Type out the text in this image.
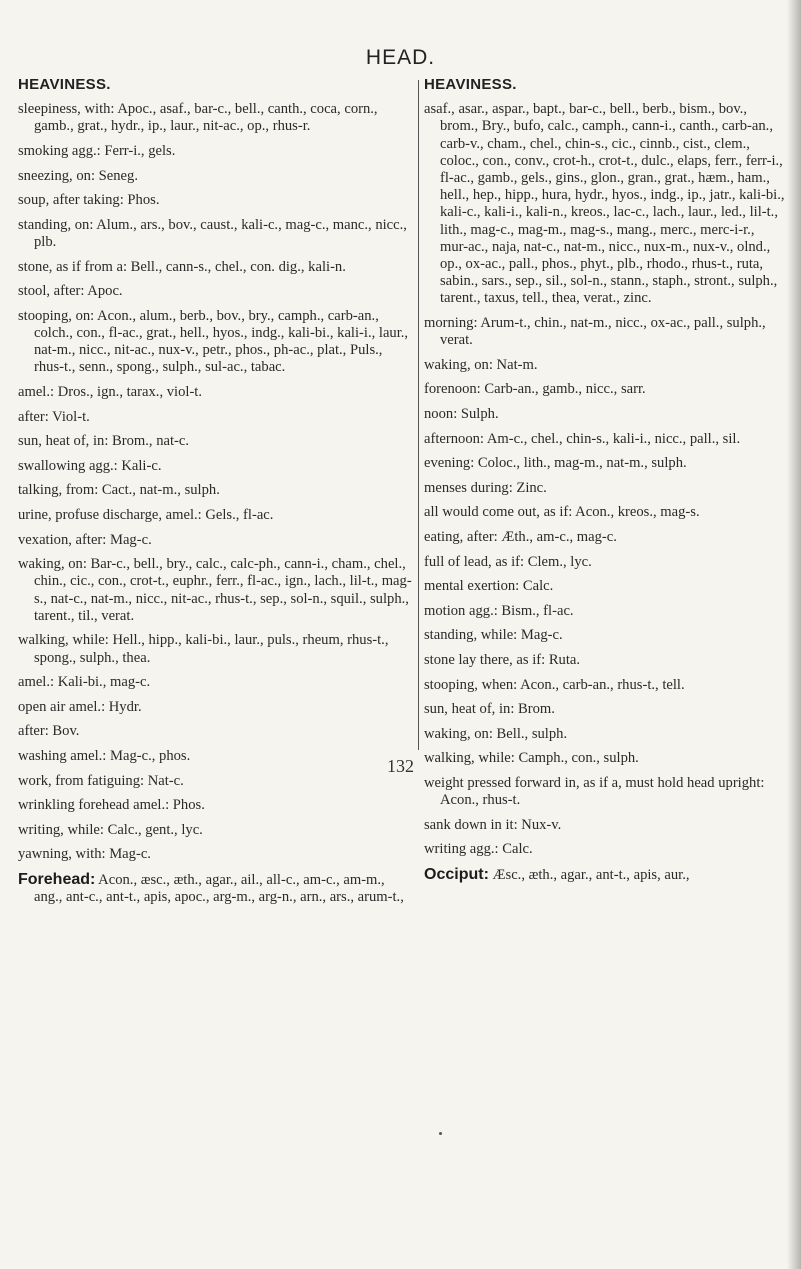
HEAD.
HEAVINESS.
sleepiness, with: Apoc., asaf., bar-c., bell., canth., coca, corn., gamb., grat., hydr., ip., laur., nit-ac., op., rhus-r.
smoking agg.: Ferr-i., gels.
sneezing, on: Seneg.
soup, after taking: Phos.
standing, on: Alum., ars., bov., caust., kali-c., mag-c., manc., nicc., plb.
stone, as if from a: Bell., cann-s., chel., con. dig., kali-n.
stool, after: Apoc.
stooping, on: Acon., alum., berb., bov., bry., camph., carb-an., colch., con., fl-ac., grat., hell., hyos., indg., kali-bi., kali-i., laur., nat-m., nicc., nit-ac., nux-v., petr., phos., ph-ac., plat., Puls., rhus-t., senn., spong., sulph., sul-ac., tabac.
amel.: Dros., ign., tarax., viol-t.
after: Viol-t.
sun, heat of, in: Brom., nat-c.
swallowing agg.: Kali-c.
talking, from: Cact., nat-m., sulph.
urine, profuse discharge, amel.: Gels., fl-ac.
vexation, after: Mag-c.
waking, on: Bar-c., bell., bry., calc., calc-ph., cann-i., cham., chel., chin., cic., con., crot-t., euphr., ferr., fl-ac., ign., lach., lil-t., mag-s., nat-c., nat-m., nicc., nit-ac., rhus-t., sep., sol-n., squil., sulph., tarent., til., verat.
walking, while: Hell., hipp., kali-bi., laur., puls., rheum, rhus-t., spong., sulph., thea.
amel.: Kali-bi., mag-c.
open air amel.: Hydr.
after: Bov.
washing amel.: Mag-c., phos.
work, from fatiguing: Nat-c.
wrinkling forehead amel.: Phos.
writing, while: Calc., gent., lyc.
yawning, with: Mag-c.
Forehead: Acon., æsc., æth., agar., ail., all-c., am-c., am-m., ang., ant-c., ant-t., apis, apoc., arg-m., arg-n., arn., ars., arum-t.,
HEAVINESS.
asaf., asar., aspar., bapt., bar-c., bell., berb., bism., bov., brom., Bry., bufo, calc., camph., cann-i., canth., carb-an., carb-v., cham., chel., chin-s., cic., cinnb., cist., clem., coloc., con., conv., crot-h., crot-t., dulc., elaps, ferr., ferr-i., fl-ac., gamb., gels., gins., glon., gran., grat., hæm., ham., hell., hep., hipp., hura, hydr., hyos., indg., ip., jatr., kali-bi., kali-c., kali-i., kali-n., kreos., lac-c., lach., laur., led., lil-t., lith., mag-c., mag-m., mag-s., mang., merc., merc-i-r., mur-ac., naja, nat-c., nat-m., nicc., nux-m., nux-v., olnd., op., ox-ac., pall., phos., phyt., plb., rhodo., rhus-t., ruta, sabin., sars., sep., sil., sol-n., stann., staph., stront., sulph., tarent., taxus, tell., thea, verat., zinc.
morning: Arum-t., chin., nat-m., nicc., ox-ac., pall., sulph., verat.
waking, on: Nat-m.
forenoon: Carb-an., gamb., nicc., sarr.
noon: Sulph.
afternoon: Am-c., chel., chin-s., kali-i., nicc., pall., sil.
evening: Coloc., lith., mag-m., nat-m., sulph.
menses during: Zinc.
all would come out, as if: Acon., kreos., mag-s.
eating, after: Æth., am-c., mag-c.
full of lead, as if: Clem., lyc.
mental exertion: Calc.
motion agg.: Bism., fl-ac.
standing, while: Mag-c.
stone lay there, as if: Ruta.
stooping, when: Acon., carb-an., rhus-t., tell.
sun, heat of, in: Brom.
waking, on: Bell., sulph.
walking, while: Camph., con., sulph.
weight pressed forward in, as if a, must hold head upright: Acon., rhus-t.
sank down in it: Nux-v.
writing agg.: Calc.
Occiput: Æsc., æth., agar., ant-t., apis, aur.,
132
